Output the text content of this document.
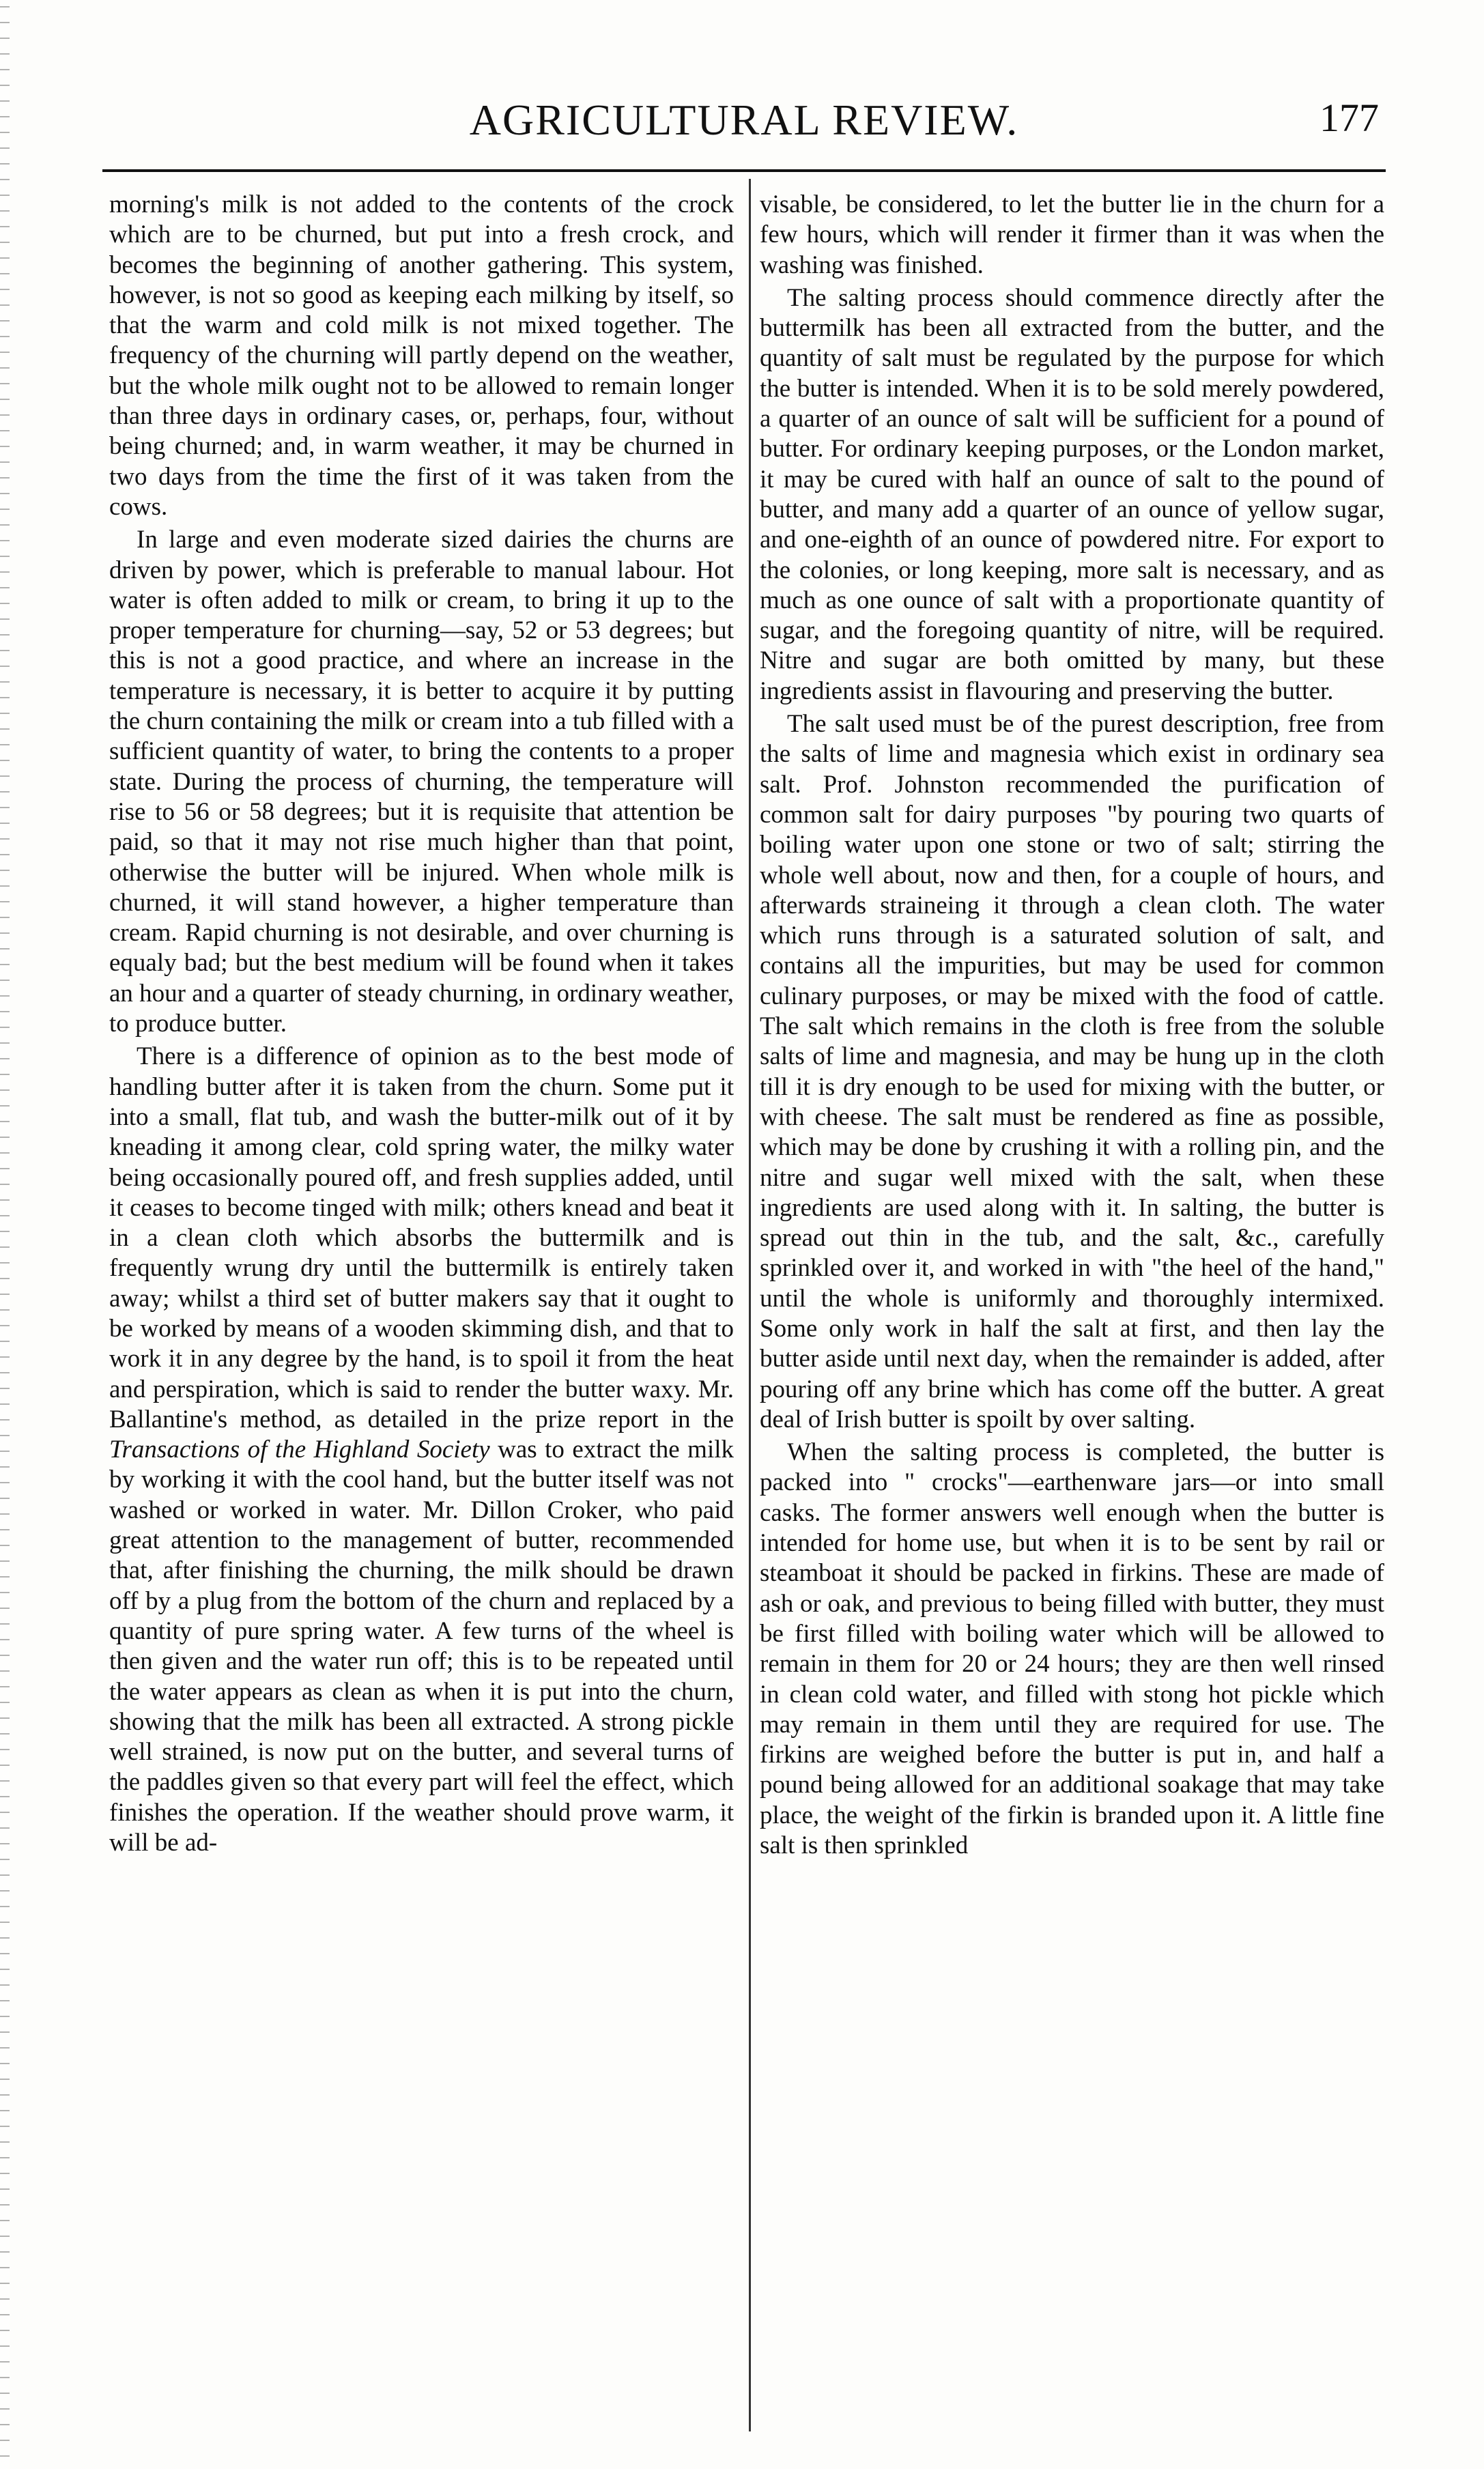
AGRICULTURAL REVIEW.	177

morning's milk is not added to the contents of the crock which are to be churned, but put into a fresh crock, and becomes the beginning of another gathering. This system, however, is not so good as keeping each milking by itself, so that the warm and cold milk is not mixed together. The frequency of the churning will partly depend on the weather, but the whole milk ought not to be allowed to remain longer than three days in ordinary cases, or, perhaps, four, without being churned; and, in warm weather, it may be churned in two days from the time the first of it was taken from the cows.

In large and even moderate sized dairies the churns are driven by power, which is preferable to manual labour. Hot water is often added to milk or cream, to bring it up to the proper temperature for churning—say, 52 or 53 degrees; but this is not a good practice, and where an increase in the temperature is necessary, it is better to acquire it by putting the churn containing the milk or cream into a tub filled with a sufficient quantity of water, to bring the contents to a proper state. During the process of churning, the temperature will rise to 56 or 58 degrees; but it is requisite that attention be paid, so that it may not rise much higher than that point, otherwise the butter will be injured. When whole milk is churned, it will stand however, a higher temperature than cream. Rapid churning is not desirable, and over churning is equaly bad; but the best medium will be found when it takes an hour and a quarter of steady churning, in ordinary weather, to produce butter.

There is a difference of opinion as to the best mode of handling butter after it is taken from the churn. Some put it into a small, flat tub, and wash the butter-milk out of it by kneading it among clear, cold spring water, the milky water being occasionally poured off, and fresh supplies added, until it ceases to become tinged with milk; others knead and beat it in a clean cloth which absorbs the buttermilk and is frequently wrung dry until the buttermilk is entirely taken away; whilst a third set of butter makers say that it ought to be worked by means of a wooden skimming dish, and that to work it in any degree by the hand, is to spoil it from the heat and perspiration, which is said to render the butter waxy. Mr. Ballantine's method, as detailed in the prize report in the Transactions of the Highland Society was to extract the milk by working it with the cool hand, but the butter itself was not washed or worked in water. Mr. Dillon Croker, who paid great attention to the management of butter, recommended that, after finishing the churning, the milk should be drawn off by a plug from the bottom of the churn and replaced by a quantity of pure spring water. A few turns of the wheel is then given and the water run off; this is to be repeated until the water appears as clean as when it is put into the churn, showing that the milk has been all extracted. A strong pickle well strained, is now put on the butter, and several turns of the paddles given so that every part will feel the effect, which finishes the operation. If the weather should prove warm, it will be ad-

visable, be considered, to let the butter lie in the churn for a few hours, which will render it firmer than it was when the washing was finished.

The salting process should commence directly after the buttermilk has been all extracted from the butter, and the quantity of salt must be regulated by the purpose for which the butter is intended. When it is to be sold merely powdered, a quarter of an ounce of salt will be sufficient for a pound of butter. For ordinary keeping purposes, or the London market, it may be cured with half an ounce of salt to the pound of butter, and many add a quarter of an ounce of yellow sugar, and one-eighth of an ounce of powdered nitre. For export to the colonies, or long keeping, more salt is necessary, and as much as one ounce of salt with a proportionate quantity of sugar, and the foregoing quantity of nitre, will be required. Nitre and sugar are both omitted by many, but these ingredients assist in flavouring and preserving the butter.

The salt used must be of the purest description, free from the salts of lime and magnesia which exist in ordinary sea salt. Prof. Johnston recommended the purification of common salt for dairy purposes "by pouring two quarts of boiling water upon one stone or two of salt; stirring the whole well about, now and then, for a couple of hours, and afterwards straineing it through a clean cloth. The water which runs through is a saturated solution of salt, and contains all the impurities, but may be used for common culinary purposes, or may be mixed with the food of cattle. The salt which remains in the cloth is free from the soluble salts of lime and magnesia, and may be hung up in the cloth till it is dry enough to be used for mixing with the butter, or with cheese. The salt must be rendered as fine as possible, which may be done by crushing it with a rolling pin, and the nitre and sugar well mixed with the salt, when these ingredients are used along with it. In salting, the butter is spread out thin in the tub, and the salt, &c., carefully sprinkled over it, and worked in with "the heel of the hand," until the whole is uniformly and thoroughly intermixed. Some only work in half the salt at first, and then lay the butter aside until next day, when the remainder is added, after pouring off any brine which has come off the butter. A great deal of Irish butter is spoilt by over salting.

When the salting process is completed, the butter is packed into " crocks"—earthenware jars—or into small casks. The former answers well enough when the butter is intended for home use, but when it is to be sent by rail or steamboat it should be packed in firkins. These are made of ash or oak, and previous to being filled with butter, they must be first filled with boiling water which will be allowed to remain in them for 20 or 24 hours; they are then well rinsed in clean cold water, and filled with stong hot pickle which may remain in them until they are required for use. The firkins are weighed before the butter is put in, and half a pound being allowed for an additional soakage that may take place, the weight of the firkin is branded upon it. A little fine salt is then sprinkled
